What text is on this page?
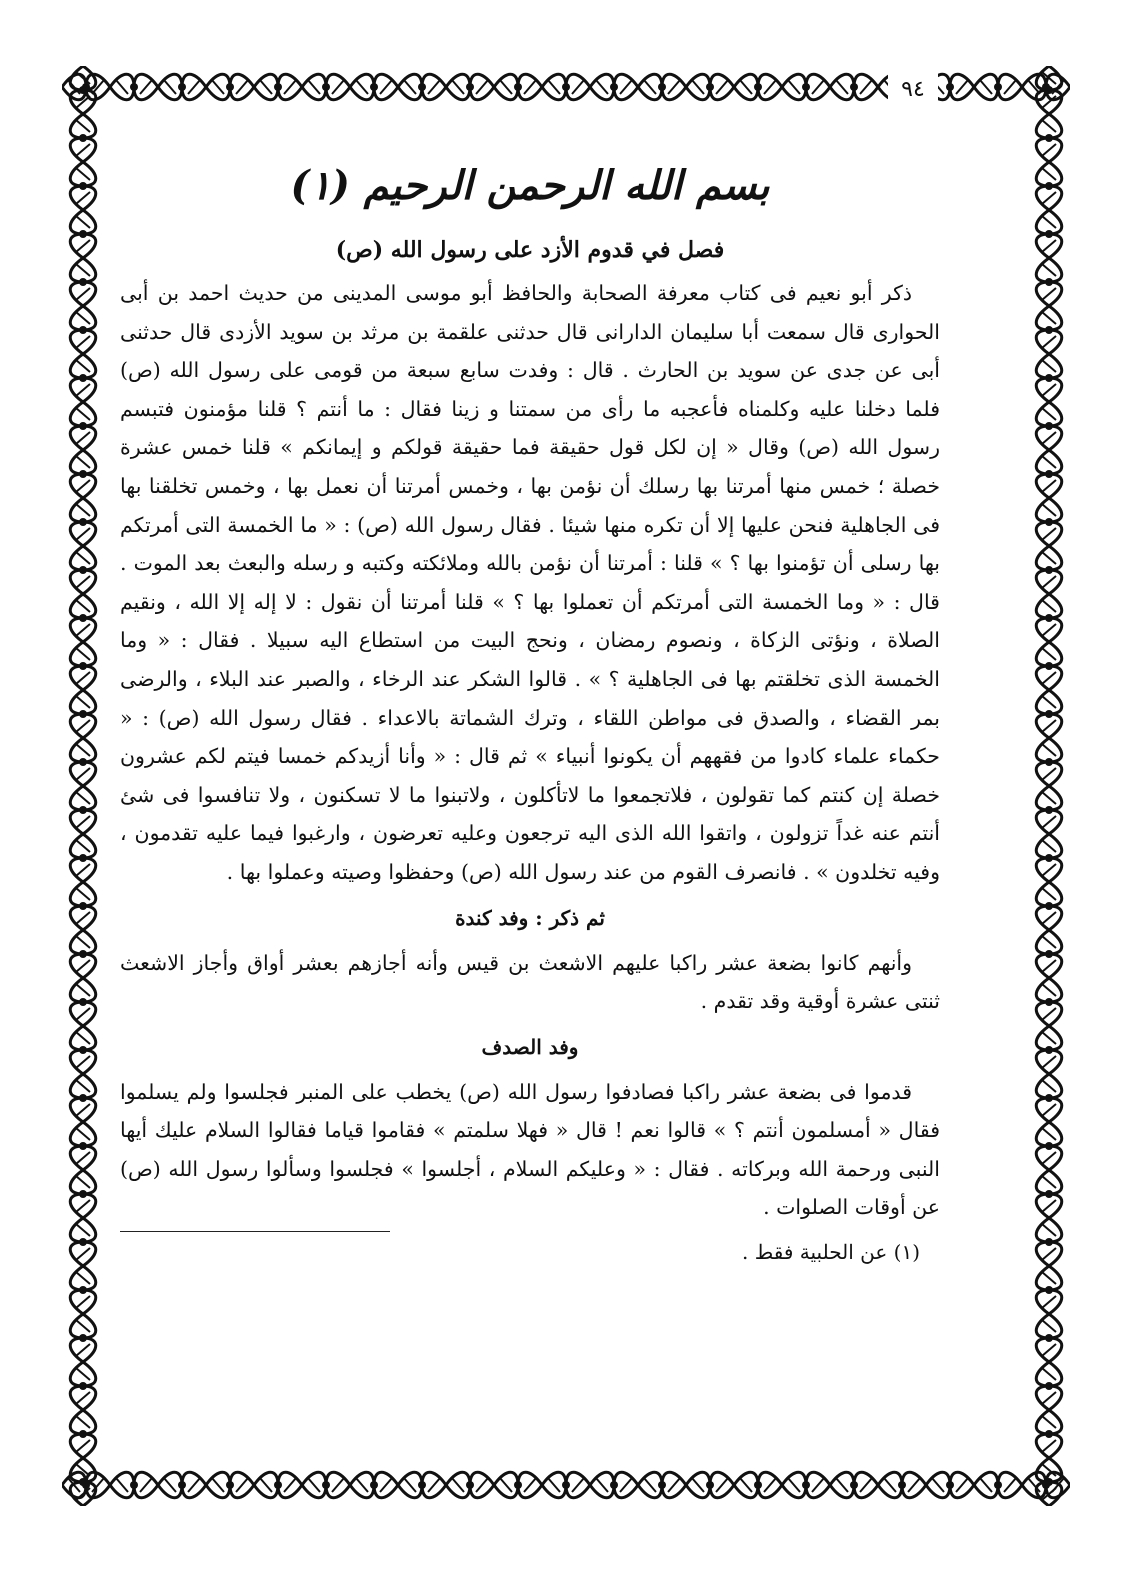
٩٤
بسم الله الرحمن الرحيم (١)
فصل في قدوم الأزد على رسول الله (ص)

ذكر أبو نعيم فى كتاب معرفة الصحابة والحافظ أبو موسى المدينى من حديث احمد بن أبى الحوارى قال سمعت أبا سليمان الدارانى قال حدثنى علقمة بن مرثد بن سويد الأزدى قال حدثنى أبى عن جدى عن سويد بن الحارث . قال : وفدت سابع سبعة من قومى على رسول الله (ص) فلما دخلنا عليه وكلمناه فأعجبه ما رأى من سمتنا و زينا فقال : ما أنتم ؟ قلنا مؤمنون فتبسم رسول الله (ص) وقال « إن لكل قول حقيقة فما حقيقة قولكم و إيمانكم » قلنا خمس عشرة خصلة ؛ خمس منها أمرتنا بها رسلك أن نؤمن بها ، وخمس أمرتنا أن نعمل بها ، وخمس تخلقنا بها فى الجاهلية فنحن عليها إلا أن تكره منها شيئا . فقال رسول الله (ص) : « ما الخمسة التى أمرتكم بها رسلى أن تؤمنوا بها ؟ » قلنا : أمرتنا أن نؤمن بالله وملائكته وكتبه و رسله والبعث بعد الموت . قال : « وما الخمسة التى أمرتكم أن تعملوا بها ؟ » قلنا أمرتنا أن نقول : لا إله إلا الله ، ونقيم الصلاة ، ونؤتى الزكاة ، ونصوم رمضان ، ونحج البيت من استطاع اليه سبيلا . فقال : « وما الخمسة الذى تخلقتم بها فى الجاهلية ؟ » . قالوا الشكر عند الرخاء ، والصبر عند البلاء ، والرضى بمر القضاء ، والصدق فى مواطن اللقاء ، وترك الشماتة بالاعداء . فقال رسول الله (ص) : « حكماء علماء كادوا من فقههم أن يكونوا أنبياء » ثم قال : « وأنا أزيدكم خمسا فيتم لكم عشرون خصلة إن كنتم كما تقولون ، فلاتجمعوا ما لاتأكلون ، ولاتبنوا ما لا تسكنون ، ولا تنافسوا فى شئ أنتم عنه غداً تزولون ، واتقوا الله الذى اليه ترجعون وعليه تعرضون ، وارغبوا فيما عليه تقدمون ، وفيه تخلدون » . فانصرف القوم من عند رسول الله (ص) وحفظوا وصيته وعملوا بها .

ثم ذكر : وفد كندة

وأنهم كانوا بضعة عشر راكبا عليهم الاشعث بن قيس وأنه أجازهم بعشر أواق وأجاز الاشعث ثنتى عشرة أوقية وقد تقدم .

وفد الصدف

قدموا فى بضعة عشر راكبا فصادفوا رسول الله (ص) يخطب على المنبر فجلسوا ولم يسلموا فقال « أمسلمون أنتم ؟ » قالوا نعم ! قال « فهلا سلمتم » فقاموا قياما فقالوا السلام عليك أيها النبى ورحمة الله وبركاته . فقال : « وعليكم السلام ، أجلسوا » فجلسوا وسألوا رسول الله (ص) عن أوقات الصلوات .

(١) عن الحلبية فقط .
